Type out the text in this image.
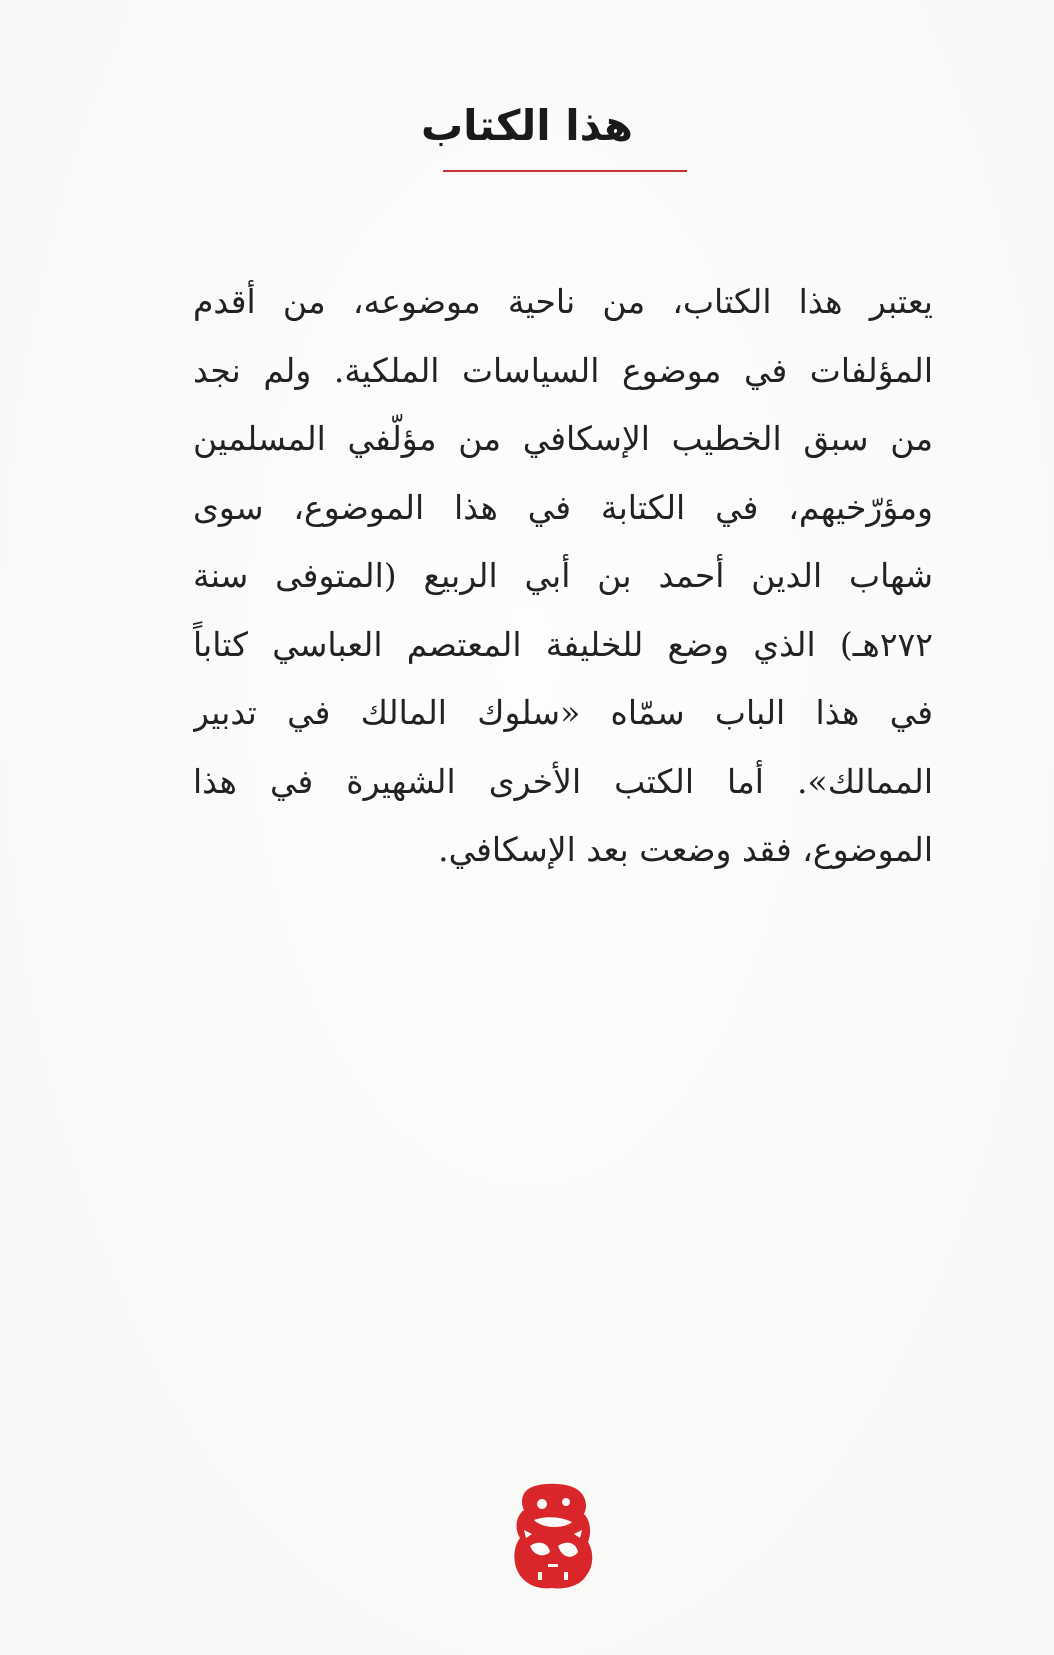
هذا الكتاب

يعتبر هذا الكتاب، من ناحية موضوعه، من أقدم
المؤلفات في موضوع السياسات الملكية. ولم نجد
من سبق الخطيب الإسكافي من مؤلّفي المسلمين
ومؤرّخيهم، في الكتابة في هذا الموضوع، سوى
شهاب الدين أحمد بن أبي الربيع (المتوفى سنة
٢٧٢هـ) الذي وضع للخليفة المعتصم العباسي كتاباً
في هذا الباب سمّاه «سلوك المالك في تدبير
الممالك». أما الكتب الأخرى الشهيرة في هذا
الموضوع، فقد وضعت بعد الإسكافي.
